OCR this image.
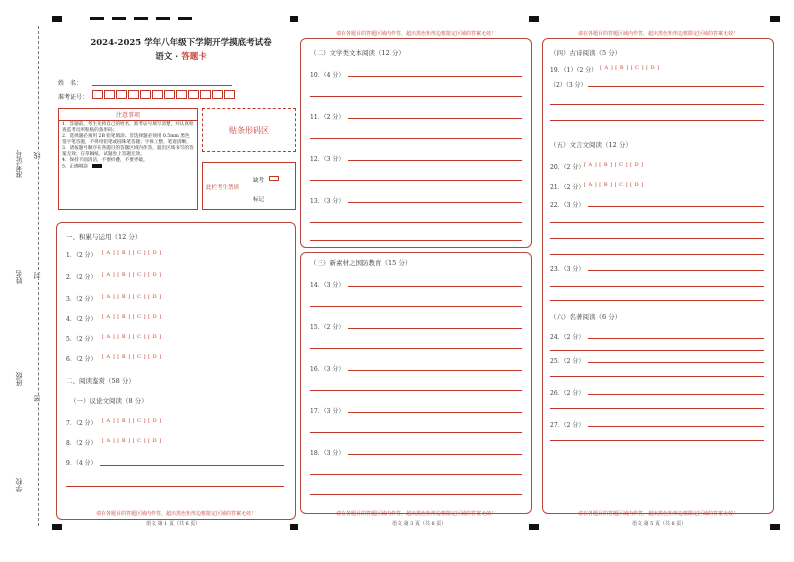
准考证号
姓名
班级
学校
线
封
密
2024-2025 学年八年级下学期开学摸底考试卷
语文 · 答题卡
姓　名：
准考证号：
注意事项
1．答题前，考生先将自己的姓名，准考证号填写清楚，并认真检查监考员所粘贴的条形码；
2．选择题必须用 2B 铅笔填涂；非选择题必须用 0.5mm 黑色签字笔答题，不得用铅笔或圆珠笔答题；字体工整、笔迹清晰。
3．请按题号顺序在各题目的答题区域内作答，超出区域书写的答案无效；在草稿纸、试题卷上答题无效。
4．保持卡面清洁，不要折叠，不要弄破。
5．正确填涂
贴条形码区
此栏考生禁填
缺考
标记
请在各题目的答题区域内作答，超出黑色矩形边框限定区域的答案无效！
语文 第 1 页（共 6 页）
一、积累与运用（12 分）
1．（2 分） [ A ] [ B ] [ C ] [ D ]
2．（2 分） [ A ] [ B ] [ C ] [ D ]
3．（2 分） [ A ] [ B ] [ C ] [ D ]
4．（2 分） [ A ] [ B ] [ C ] [ D ]
5．（2 分） [ A ] [ B ] [ C ] [ D ]
6．（2 分） [ A ] [ B ] [ C ] [ D ]
二、阅读鉴赏（58 分）
（一）议论文阅读（8 分）
7．（2 分） [ A ] [ B ] [ C ] [ D ]
8．（2 分） [ A ] [ B ] [ C ] [ D ]
9．（4 分）
请在各题目的答题区域内作答，超出黑色矩形边框限定区域的答案无效！
请在各题目的答题区域内作答，超出黑色矩形边框限定区域的答案无效！
语文 第 3 页（共 6 页）
（二）文学类文本阅读（12 分）
10．（4 分）
11．（2 分）
12．（3 分）
13．（3 分）
（三）新素材之国防教育（15 分）
14．（3 分）
15．（2 分）
16．（3 分）
17．（3 分）
18．（3 分）
请在各题目的答题区域内作答，超出黑色矩形边框限定区域的答案无效！
请在各题目的答题区域内作答，超出黑色矩形边框限定区域的答案无效！
语文 第 5 页（共 6 页）
（四）古诗阅读（5 分）
19．（1）（2 分） [ A ] [ B ] [ C ] [ D ]
（2）（3 分）
（五）文言文阅读（12 分）
20．（2 分） [ A ] [ B ] [ C ] [ D ]
21．（2 分） [ A ] [ B ] [ C ] [ D ]
22．（3 分）
23．（3 分）
（六）名著阅读（6 分）
24．（2 分）
25．（2 分）
26．（2 分）
27．（2 分）
